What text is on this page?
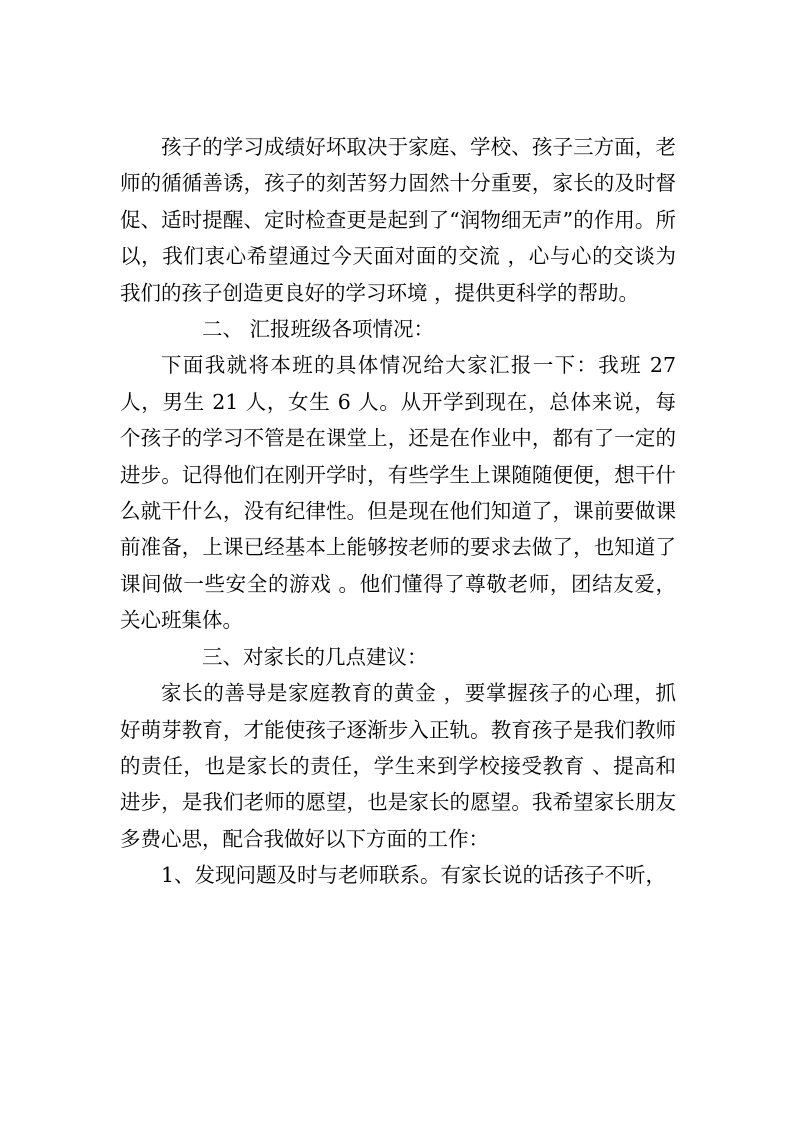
孩子的学习成绩好坏取决于家庭、学校、孩子三方面，老师的循循善诱，孩子的刻苦努力固然十分重要，家长的及时督促、适时提醒、定时检查更是起到了“润物细无声”的作用。所以，我们衷心希望通过今天面对面的交流 ，心与心的交谈为我们的孩子创造更良好的学习环境 ，提供更科学的帮助。

二、 汇报班级各项情况：

下面我就将本班的具体情况给大家汇报一下：我班 27 人，男生 21 人，女生 6 人。从开学到现在，总体来说，每个孩子的学习不管是在课堂上，还是在作业中，都有了一定的进步。记得他们在刚开学时，有些学生上课随随便便，想干什么就干什么，没有纪律性。但是现在他们知道了，课前要做课前准备，上课已经基本上能够按老师的要求去做了，也知道了课间做一些安全的游戏 。他们懂得了尊敬老师，团结友爱，关心班集体。

三、对家长的几点建议：

家长的善导是家庭教育的黄金 ，要掌握孩子的心理，抓好萌芽教育，才能使孩子逐渐步入正轨。教育孩子是我们教师的责任，也是家长的责任，学生来到学校接受教育 、提高和进步，是我们老师的愿望，也是家长的愿望。我希望家长朋友多费心思，配合我做好以下方面的工作：

1、发现问题及时与老师联系。有家长说的话孩子不听，
